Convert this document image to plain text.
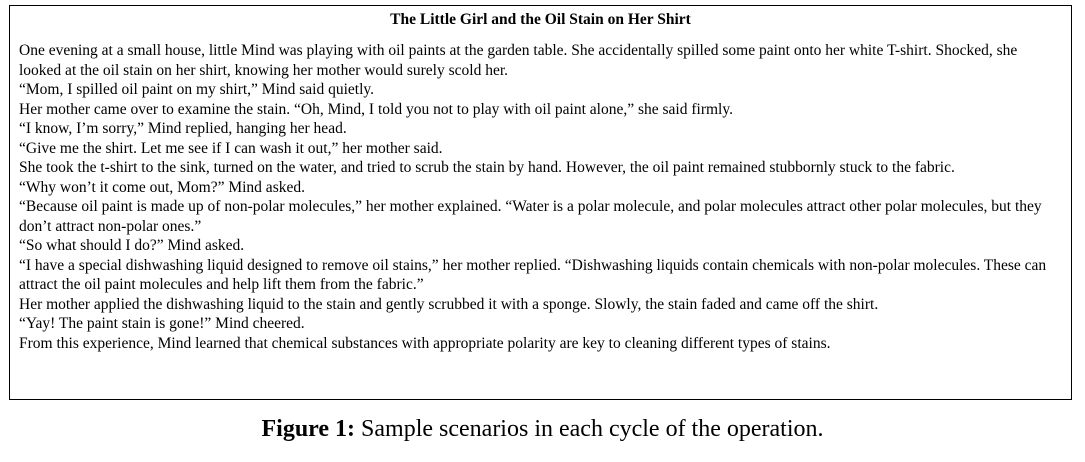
The Little Girl and the Oil Stain on Her Shirt

One evening at a small house, little Mind was playing with oil paints at the garden table. She accidentally spilled some paint onto her white T-shirt. Shocked, she looked at the oil stain on her shirt, knowing her mother would surely scold her.

“Mom, I spilled oil paint on my shirt,” Mind said quietly.

Her mother came over to examine the stain. “Oh, Mind, I told you not to play with oil paint alone,” she said firmly.

“I know, I’m sorry,” Mind replied, hanging her head.

“Give me the shirt. Let me see if I can wash it out,” her mother said.

She took the t-shirt to the sink, turned on the water, and tried to scrub the stain by hand. However, the oil paint remained stubbornly stuck to the fabric.

“Why won’t it come out, Mom?” Mind asked.

“Because oil paint is made up of non-polar molecules,” her mother explained. “Water is a polar molecule, and polar molecules attract other polar molecules, but they don’t attract non-polar ones.”

“So what should I do?” Mind asked.

“I have a special dishwashing liquid designed to remove oil stains,” her mother replied. “Dishwashing liquids contain chemicals with non-polar molecules. These can attract the oil paint molecules and help lift them from the fabric.”

Her mother applied the dishwashing liquid to the stain and gently scrubbed it with a sponge. Slowly, the stain faded and came off the shirt.

“Yay! The paint stain is gone!” Mind cheered.

From this experience, Mind learned that chemical substances with appropriate polarity are key to cleaning different types of stains.

Figure 1: Sample scenarios in each cycle of the operation.
